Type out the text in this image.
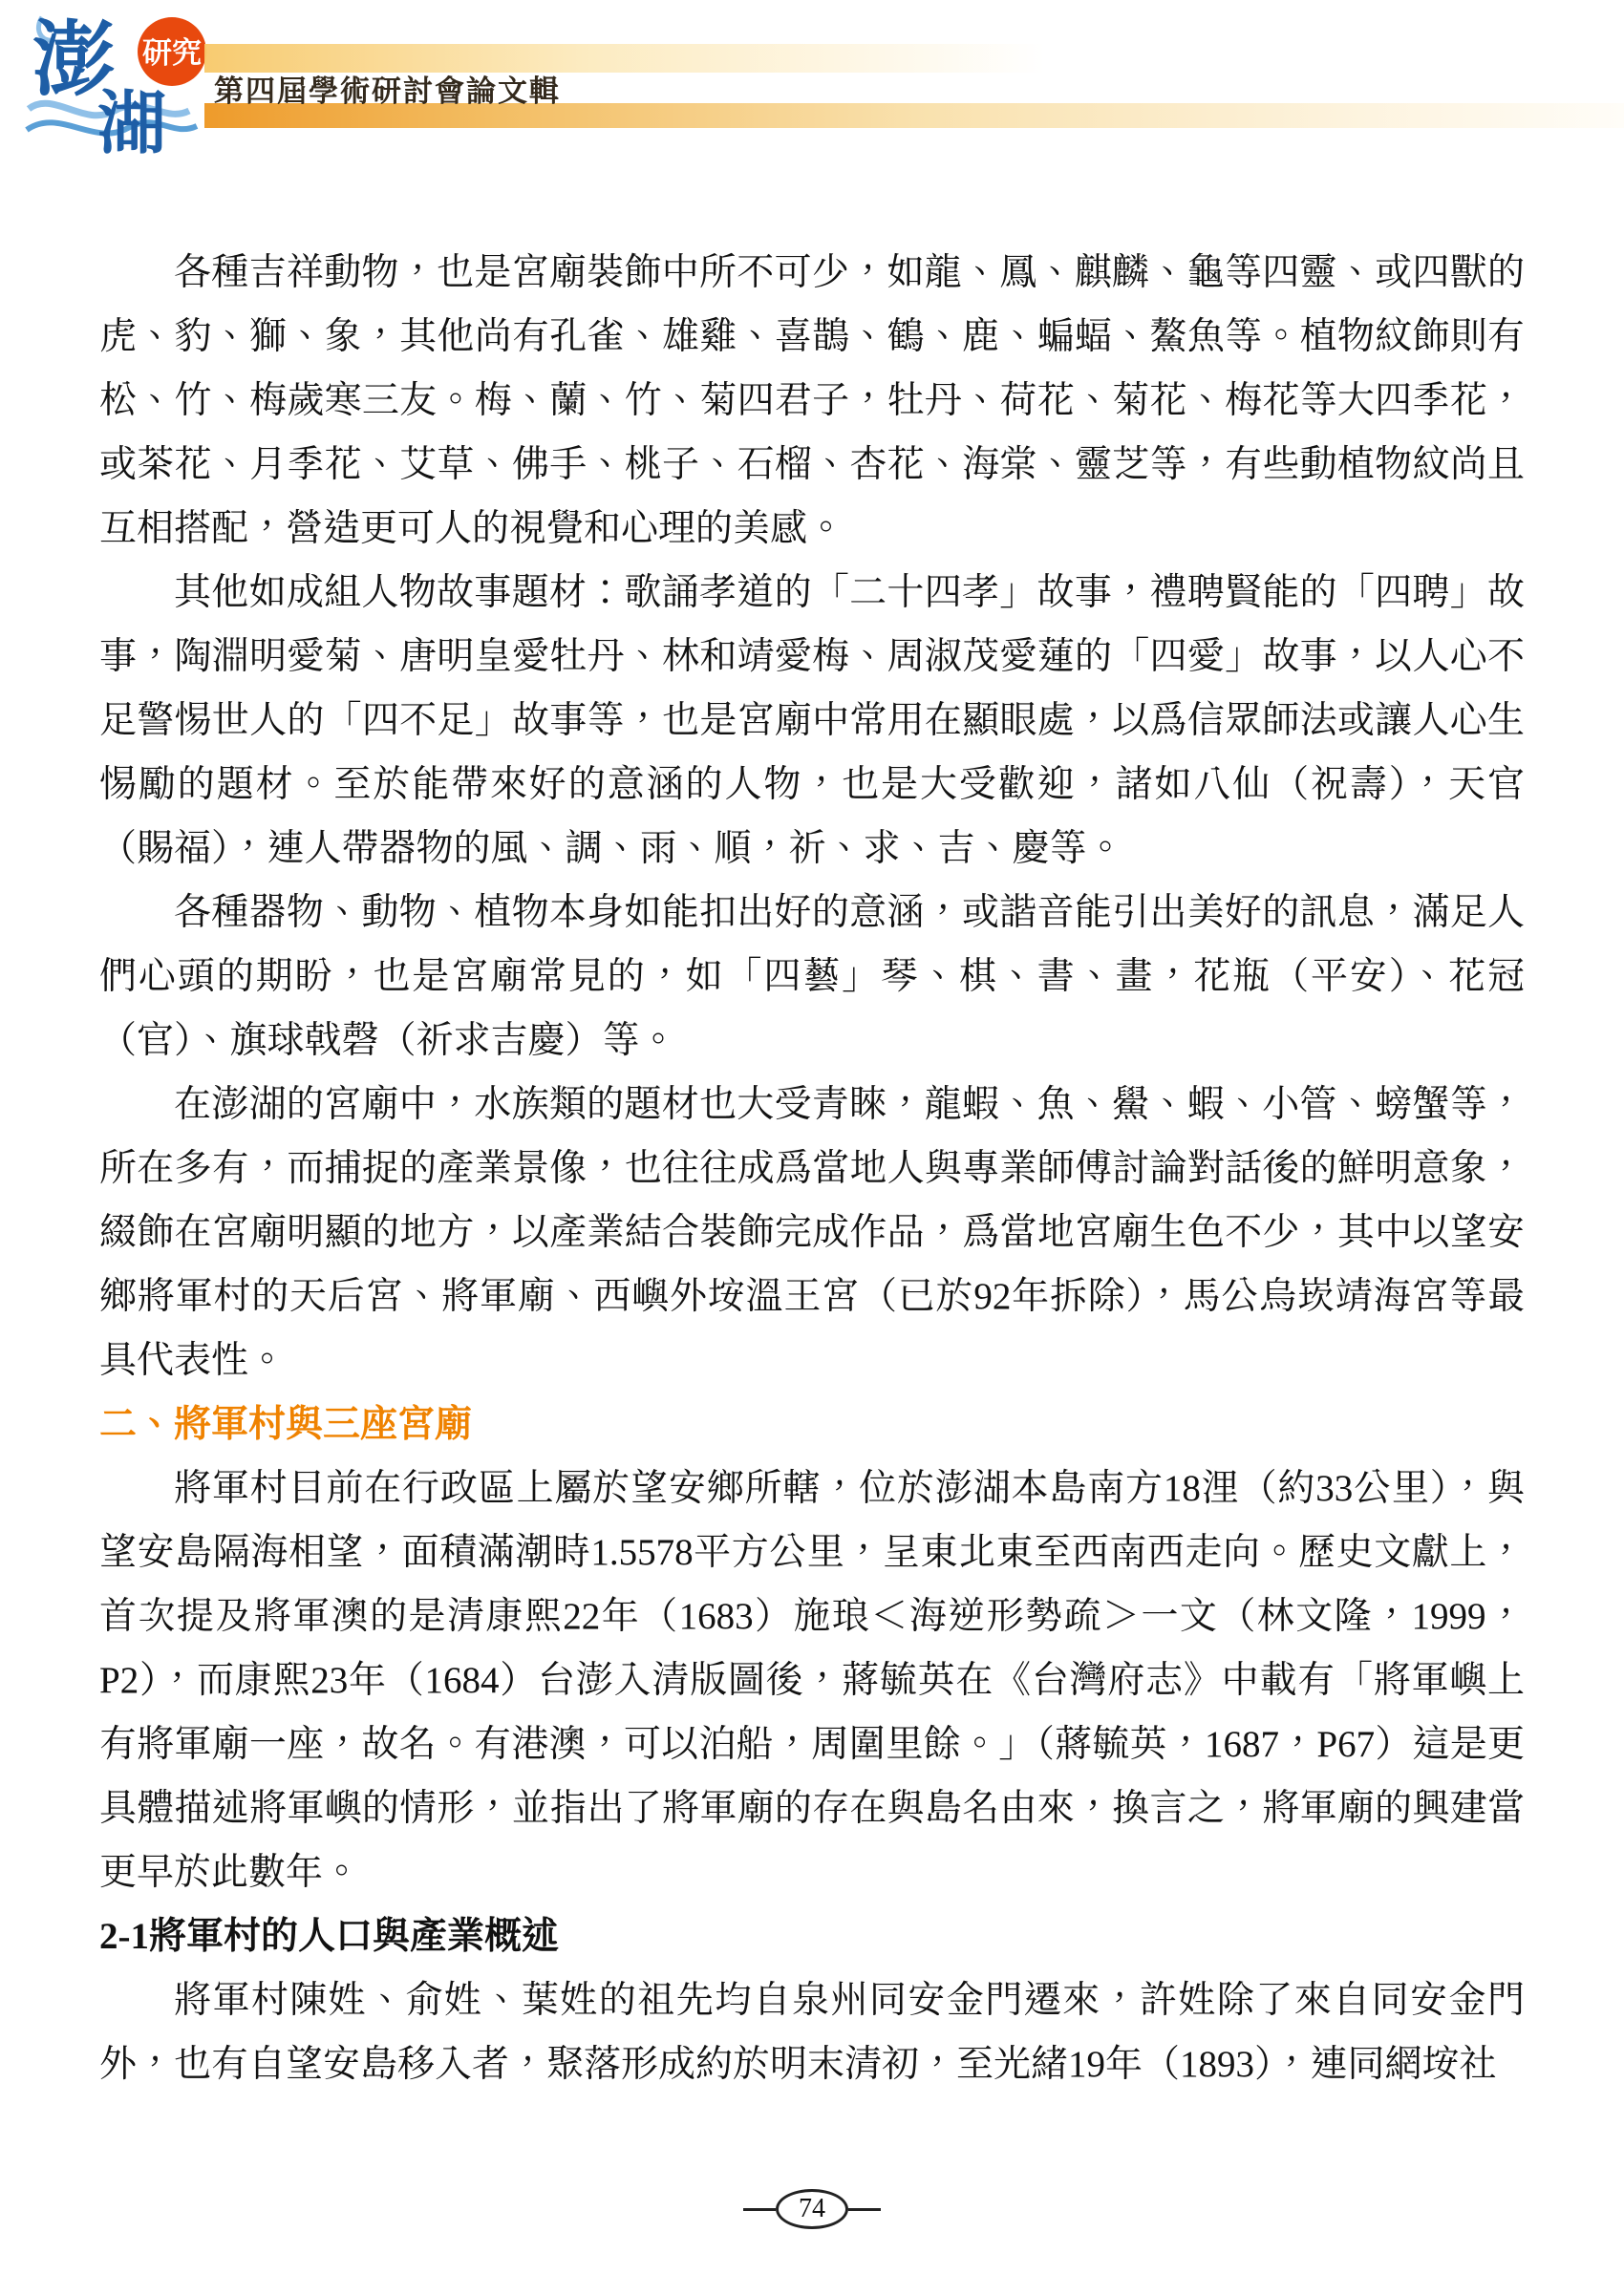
澎
湖
研究
第四屆學術研討會論文輯

各種吉祥動物，也是宮廟裝飾中所不可少，如龍、鳳、麒麟、龜等四靈、或四獸的虎、豹、獅、象，其他尚有孔雀、雄雞、喜鵲、鶴、鹿、蝙蝠、鰲魚等。植物紋飾則有松、竹、梅歲寒三友。梅、蘭、竹、菊四君子，牡丹、荷花、菊花、梅花等大四季花，或茶花、月季花、艾草、佛手、桃子、石榴、杏花、海棠、靈芝等，有些動植物紋尚且互相搭配，營造更可人的視覺和心理的美感。

其他如成組人物故事題材：歌誦孝道的「二十四孝」故事，禮聘賢能的「四聘」故事，陶淵明愛菊、唐明皇愛牡丹、林和靖愛梅、周淑茂愛蓮的「四愛」故事，以人心不足警惕世人的「四不足」故事等，也是宮廟中常用在顯眼處，以爲信眾師法或讓人心生惕勵的題材。至於能帶來好的意涵的人物，也是大受歡迎，諸如八仙（祝壽），天官（賜福），連人帶器物的風、調、雨、順，祈、求、吉、慶等。

各種器物、動物、植物本身如能扣出好的意涵，或諧音能引出美好的訊息，滿足人們心頭的期盼，也是宮廟常見的，如「四藝」琴、棋、書、畫，花瓶（平安）、花冠（官）、旗球戟磬（祈求吉慶）等。

在澎湖的宮廟中，水族類的題材也大受青睞，龍蝦、魚、鱟、蝦、小管、螃蟹等，所在多有，而捕捉的產業景像，也往往成爲當地人與專業師傅討論對話後的鮮明意象，綴飾在宮廟明顯的地方，以產業結合裝飾完成作品，爲當地宮廟生色不少，其中以望安鄉將軍村的天后宮、將軍廟、西嶼外垵溫王宮（已於92年拆除），馬公烏崁靖海宮等最具代表性。

二、將軍村與三座宮廟

將軍村目前在行政區上屬於望安鄉所轄，位於澎湖本島南方18浬（約33公里），與望安島隔海相望，面積滿潮時1.5578平方公里，呈東北東至西南西走向。歷史文獻上，首次提及將軍澳的是清康熙22年（1683）施琅＜海逆形勢疏＞一文（林文隆，1999，P2），而康熙23年（1684）台澎入清版圖後，蔣毓英在《台灣府志》中載有「將軍嶼上有將軍廟一座，故名。有港澳，可以泊船，周圍里餘。」（蔣毓英，1687，P67）這是更具體描述將軍嶼的情形，並指出了將軍廟的存在與島名由來，換言之，將軍廟的興建當更早於此數年。

2-1將軍村的人口與產業概述

將軍村陳姓、俞姓、葉姓的祖先均自泉州同安金門遷來，許姓除了來自同安金門外，也有自望安島移入者，聚落形成約於明末清初，至光緒19年（1893），連同網垵社

74
